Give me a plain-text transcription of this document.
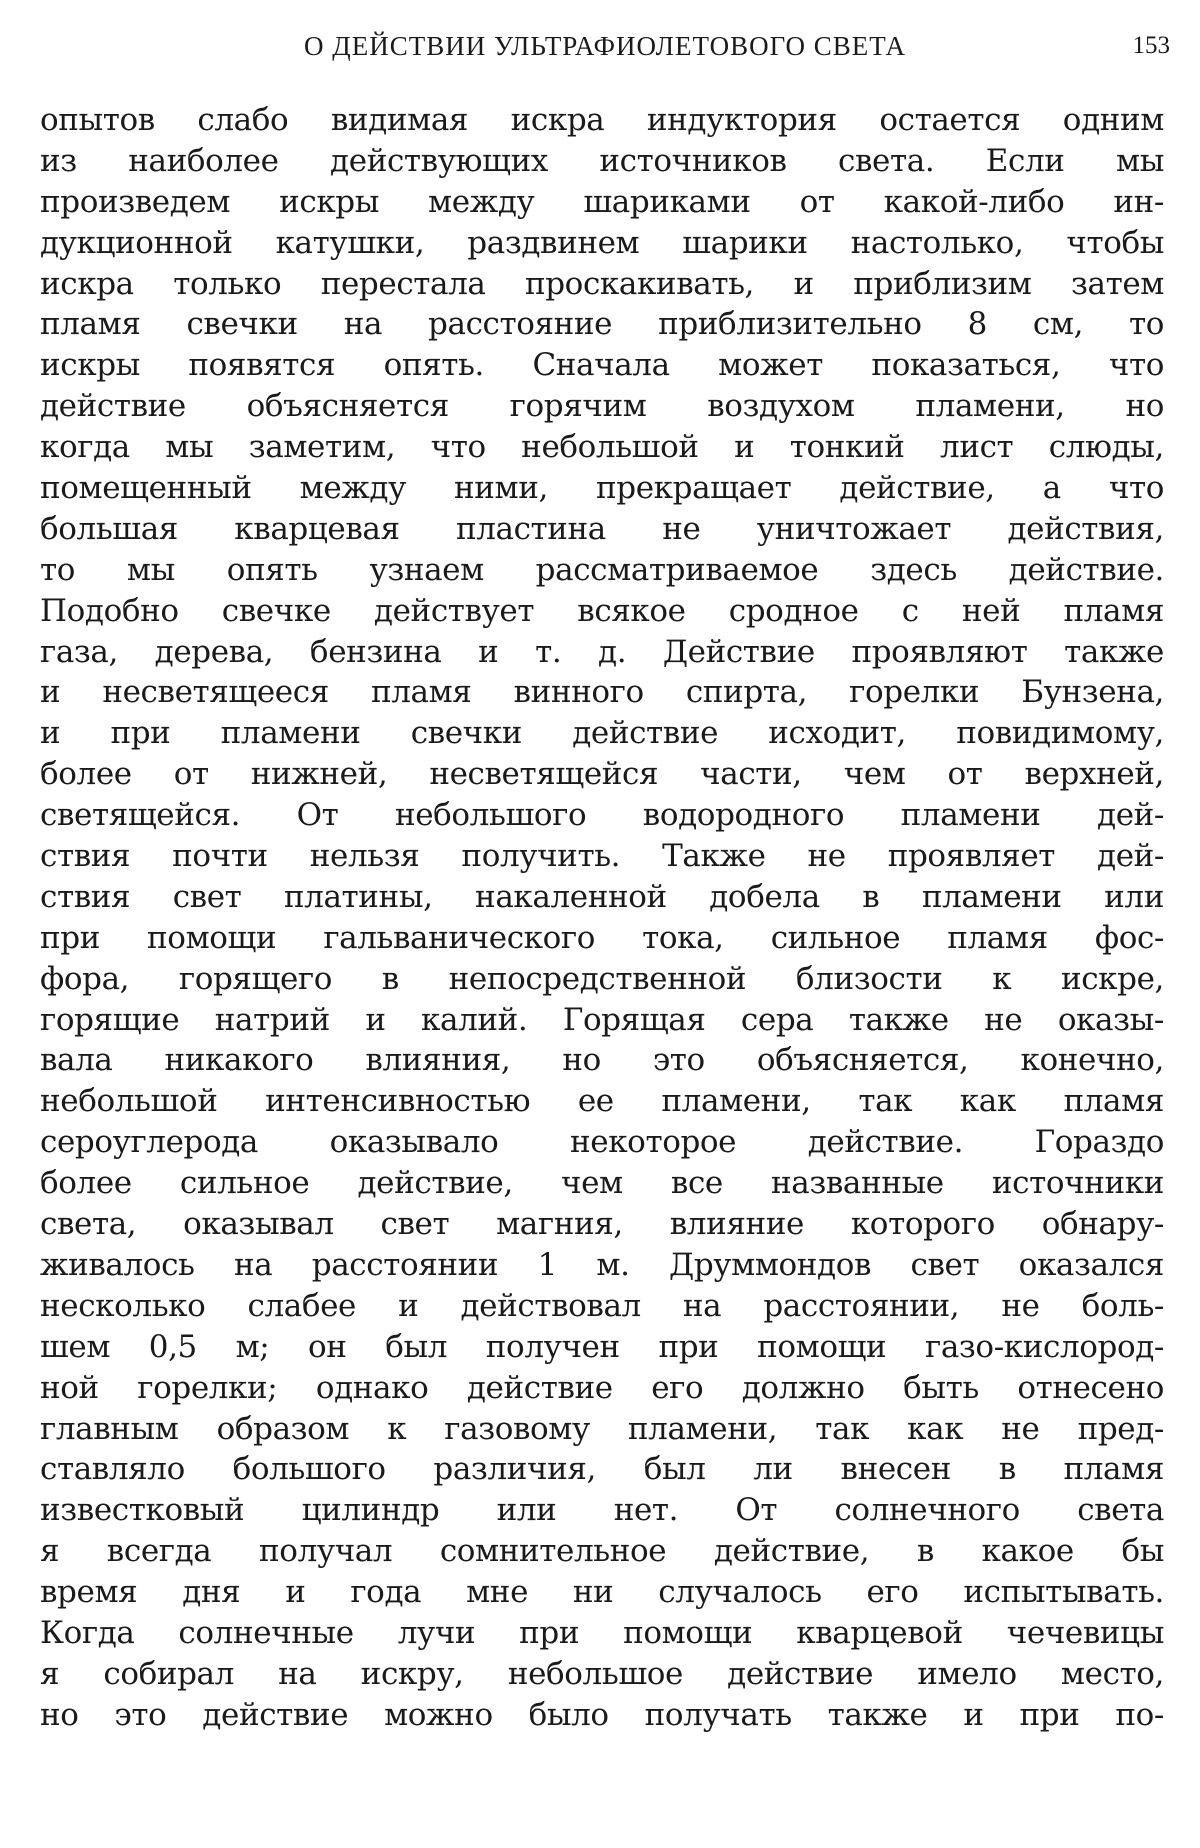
О ДЕЙСТВИИ УЛЬТРАФИОЛЕТОВОГО СВЕТА	153
опытов слабо видимая искра индуктория остается одним
из наиболее действующих источников света. Если мы
произведем искры между шариками от какой-либо ин-
дукционной катушки, раздвинем шарики настолько, чтобы
искра только перестала проскакивать, и приблизим затем
пламя свечки на расстояние приблизительно 8 см, то
искры появятся опять. Сначала может показаться, что
действие объясняется горячим воздухом пламени, но
когда мы заметим, что небольшой и тонкий лист слюды,
помещенный между ними, прекращает действие, а что
большая кварцевая пластина не уничтожает действия,
то мы опять узнаем рассматриваемое здесь действие.
Подобно свечке действует всякое сродное с ней пламя
газа, дерева, бензина и т. д. Действие проявляют также
и несветящееся пламя винного спирта, горелки Бунзена,
и при пламени свечки действие исходит, повидимому,
более от нижней, несветящейся части, чем от верхней,
светящейся. От небольшого водородного пламени дей-
ствия почти нельзя получить. Также не проявляет дей-
ствия свет платины, накаленной добела в пламени или
при помощи гальванического тока, сильное пламя фос-
фора, горящего в непосредственной близости к искре,
горящие натрий и калий. Горящая сера также не оказы-
вала никакого влияния, но это объясняется, конечно,
небольшой интенсивностью ее пламени, так как пламя
сероуглерода оказывало некоторое действие. Гораздо
более сильное действие, чем все названные источники
света, оказывал свет магния, влияние которого обнару-
живалось на расстоянии 1 м. Друммондов свет оказался
несколько слабее и действовал на расстоянии, не боль-
шем 0,5 м; он был получен при помощи газо-кислород-
ной горелки; однако действие его должно быть отнесено
главным образом к газовому пламени, так как не пред-
ставляло большого различия, был ли внесен в пламя
известковый цилиндр или нет. От солнечного света
я всегда получал сомнительное действие, в какое бы
время дня и года мне ни случалось его испытывать.
Когда солнечные лучи при помощи кварцевой чечевицы
я собирал на искру, небольшое действие имело место,
но это действие можно было получать также и при по-
